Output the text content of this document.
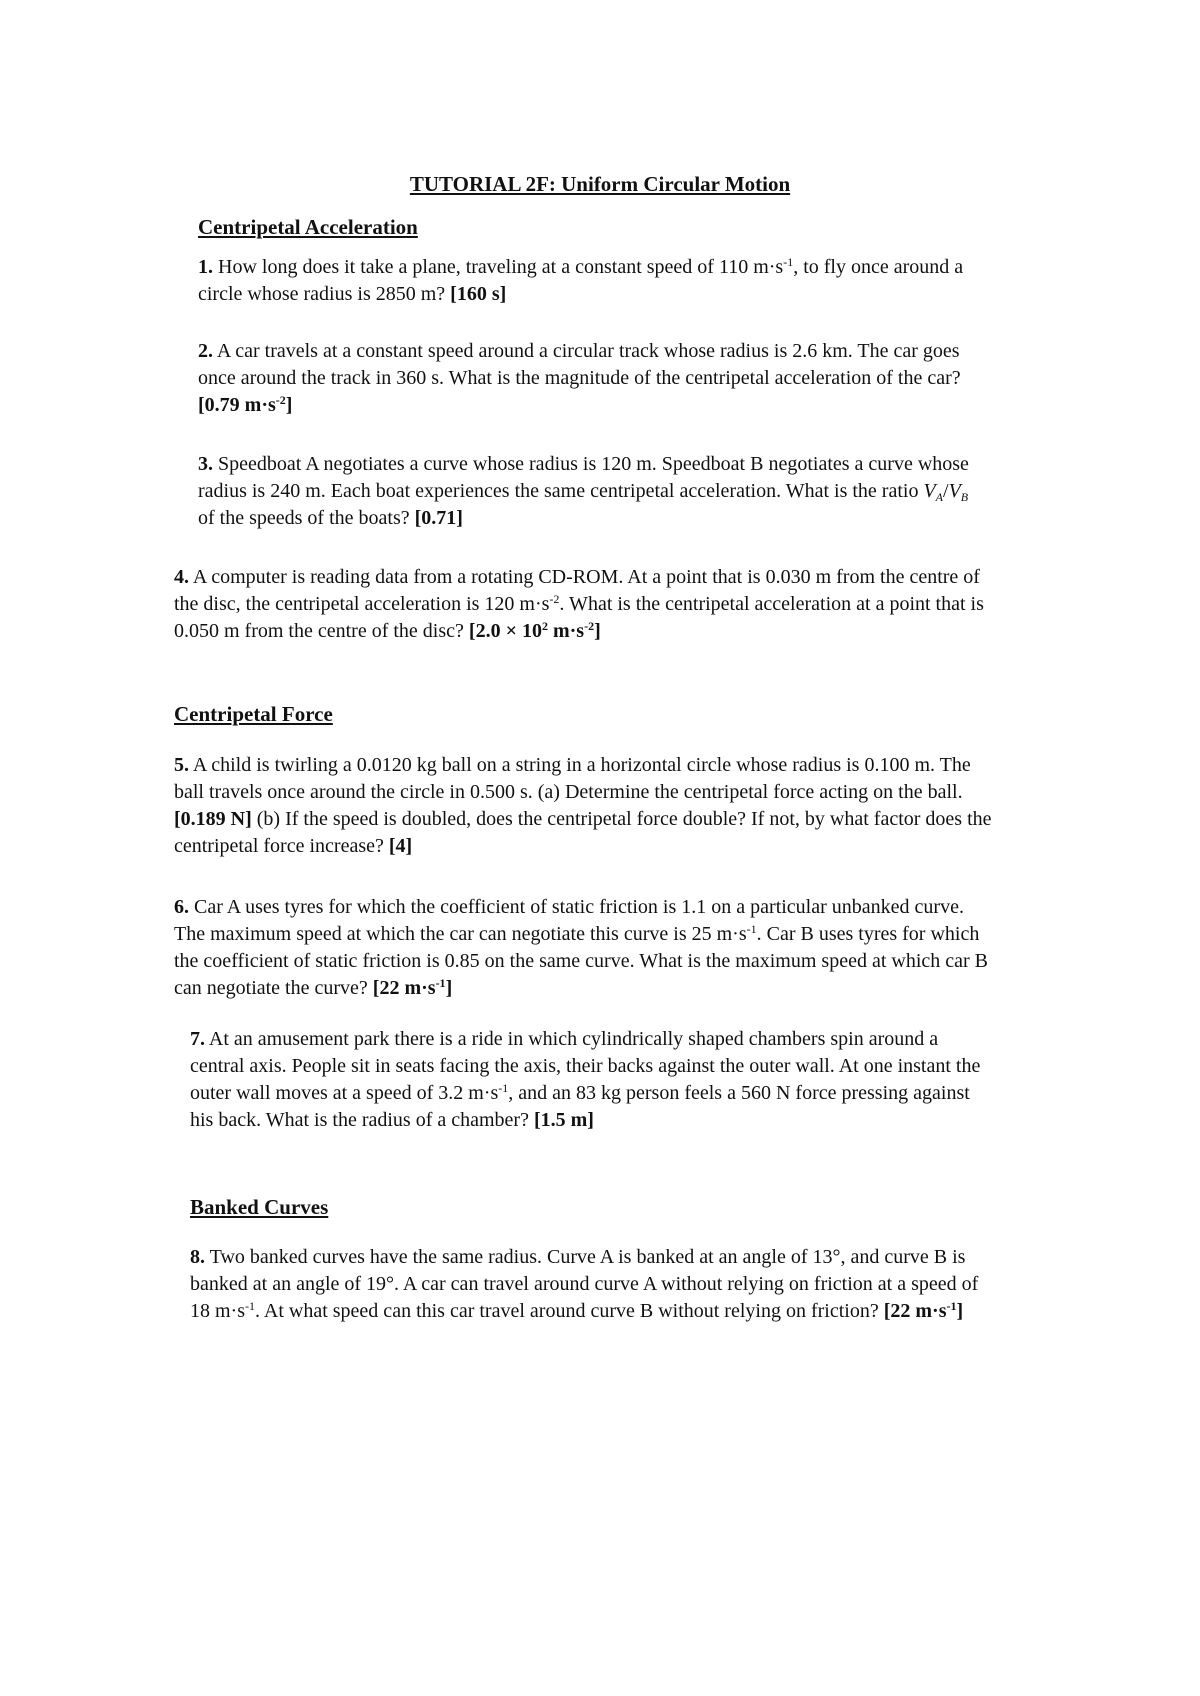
TUTORIAL 2F: Uniform Circular Motion
Centripetal Acceleration
1. How long does it take a plane, traveling at a constant speed of 110 $m\cdot s^{-1}$, to fly once around a circle whose radius is 2850 m? [160 s]
2. A car travels at a constant speed around a circular track whose radius is 2.6 km. The car goes once around the track in 360 s. What is the magnitude of the centripetal acceleration of the car? [0.79 $m\cdot s^{-2}$]
3. Speedboat A negotiates a curve whose radius is 120 m. Speedboat B negotiates a curve whose radius is 240 m. Each boat experiences the same centripetal acceleration. What is the ratio $V_A/V_B$ of the speeds of the boats? [0.71]
4. A computer is reading data from a rotating CD-ROM. At a point that is 0.030 m from the centre of the disc, the centripetal acceleration is 120 $m\cdot s^{-2}$. What is the centripetal acceleration at a point that is 0.050 m from the centre of the disc? [$2.0 \times 10^2$ $m\cdot s^{-2}$]
Centripetal Force
5. A child is twirling a 0.0120 kg ball on a string in a horizontal circle whose radius is 0.100 m. The ball travels once around the circle in 0.500 s. (a) Determine the centripetal force acting on the ball. [0.189 N] (b) If the speed is doubled, does the centripetal force double? If not, by what factor does the centripetal force increase? [4]
6. Car A uses tyres for which the coefficient of static friction is 1.1 on a particular unbanked curve. The maximum speed at which the car can negotiate this curve is 25 $m\cdot s^{-1}$. Car B uses tyres for which the coefficient of static friction is 0.85 on the same curve. What is the maximum speed at which car B can negotiate the curve? [22 $m\cdot s^{-1}$]
7. At an amusement park there is a ride in which cylindrically shaped chambers spin around a central axis. People sit in seats facing the axis, their backs against the outer wall. At one instant the outer wall moves at a speed of 3.2 $m\cdot s^{-1}$, and an 83 kg person feels a 560 N force pressing against his back. What is the radius of a chamber? [1.5 m]
Banked Curves
8. Two banked curves have the same radius. Curve A is banked at an angle of 13°, and curve B is banked at an angle of 19°. A car can travel around curve A without relying on friction at a speed of 18 $m\cdot s^{-1}$. At what speed can this car travel around curve B without relying on friction? [22 $m\cdot s^{-1}$]
